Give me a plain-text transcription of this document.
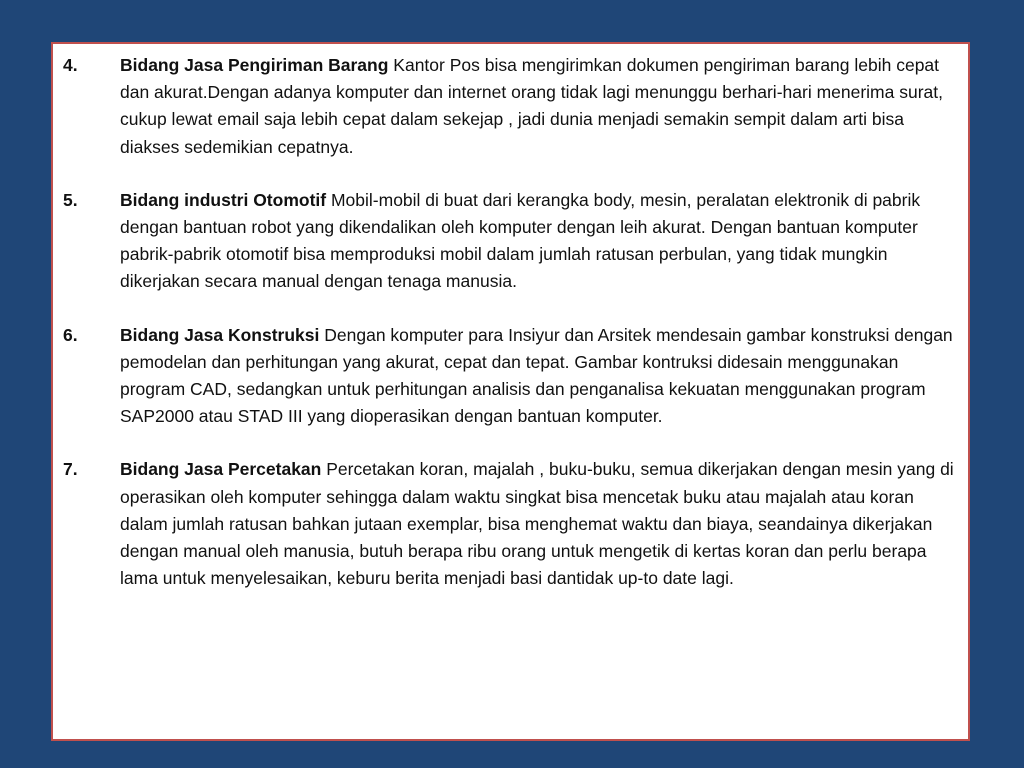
4.	Bidang Jasa Pengiriman Barang Kantor Pos bisa mengirimkan dokumen pengiriman barang lebih cepat dan akurat.Dengan adanya komputer dan internet orang tidak lagi menunggu berhari-hari menerima surat, cukup lewat email saja lebih cepat dalam sekejap , jadi dunia menjadi semakin sempit dalam arti bisa diakses sedemikian cepatnya.
5.	Bidang industri Otomotif Mobil-mobil di buat dari kerangka body, mesin, peralatan elektronik di pabrik dengan bantuan robot yang dikendalikan oleh komputer dengan leih akurat. Dengan bantuan komputer pabrik-pabrik otomotif bisa memproduksi mobil dalam jumlah ratusan perbulan, yang tidak mungkin dikerjakan secara manual dengan tenaga manusia.
6.	Bidang Jasa Konstruksi Dengan komputer para Insiyur dan Arsitek mendesain gambar konstruksi dengan pemodelan dan perhitungan yang akurat, cepat dan tepat. Gambar kontruksi didesain menggunakan program CAD, sedangkan untuk perhitungan analisis dan penganalisa kekuatan menggunakan program SAP2000 atau STAD III yang dioperasikan dengan bantuan komputer.
7.	Bidang Jasa Percetakan Percetakan koran, majalah , buku-buku, semua dikerjakan dengan mesin yang di operasikan oleh komputer sehingga dalam waktu singkat bisa mencetak buku atau majalah atau koran dalam jumlah ratusan bahkan jutaan exemplar, bisa menghemat waktu dan biaya, seandainya dikerjakan dengan manual oleh manusia, butuh berapa ribu orang untuk mengetik di kertas koran dan perlu berapa lama untuk menyelesaikan, keburu berita menjadi basi dantidak up-to date lagi.
